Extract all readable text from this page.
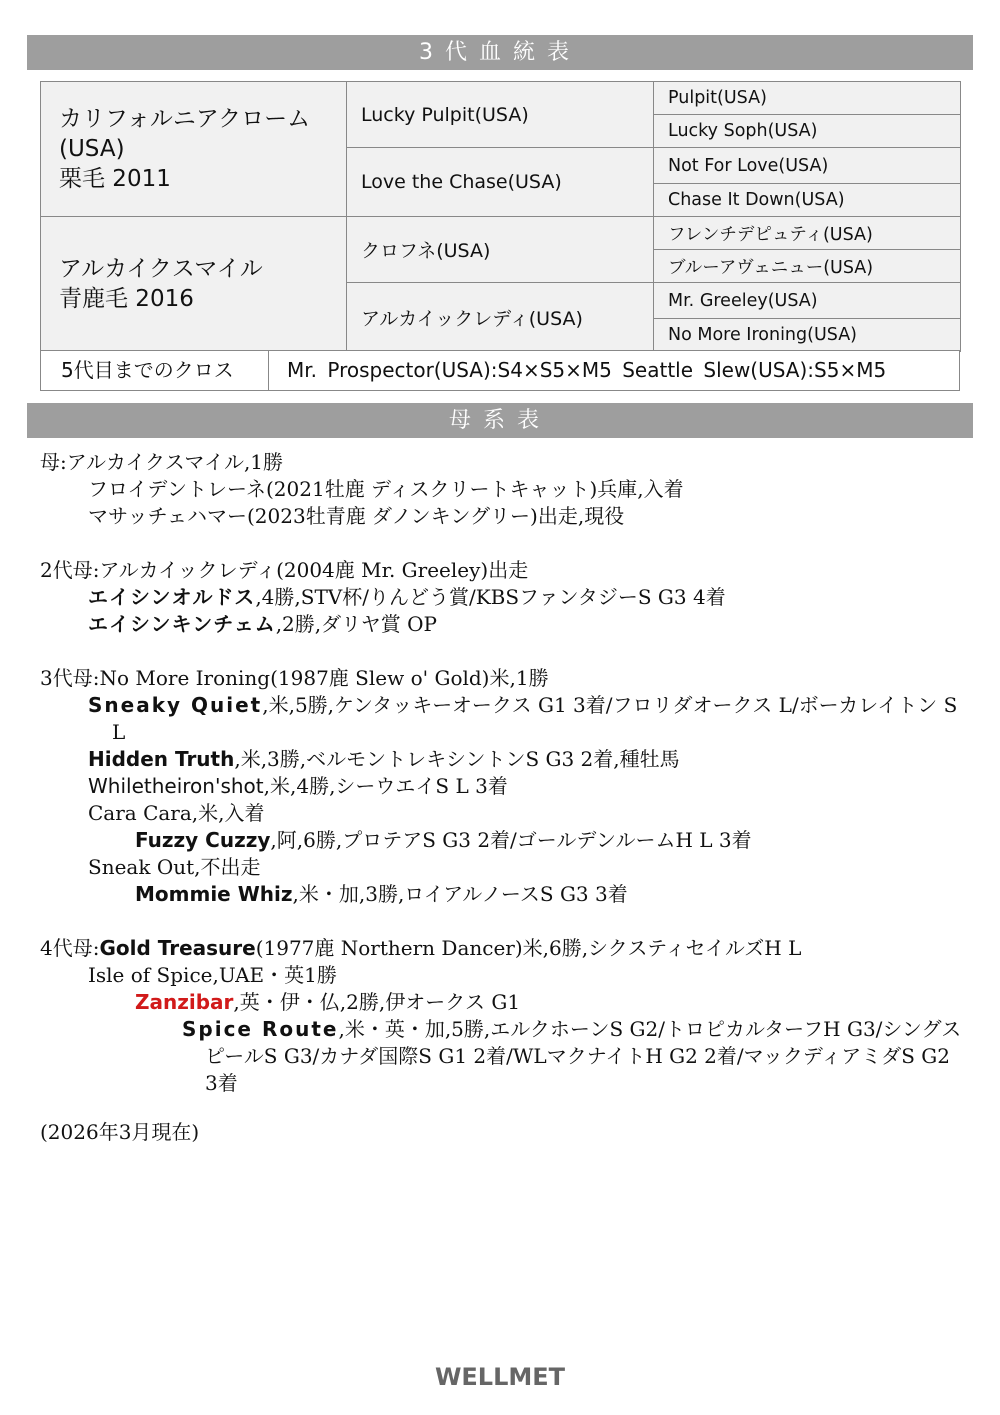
3代血統表
カリフォルニアクローム
(USA)
栗毛 2011	Lucky Pulpit(USA)	Pulpit(USA)
		Lucky Soph(USA)
	Love the Chase(USA)	Not For Love(USA)
		Chase It Down(USA)

アルカイクスマイル
青鹿毛 2016	クロフネ(USA)	フレンチデピュティ(USA)
		ブルーアヴェニュー(USA)
	アルカイックレディ(USA)	Mr. Greeley(USA)
		No More Ironing(USA)
5代目までのクロス	Mr. Prospector(USA):S4×S5×M5 Seattle Slew(USA):S5×M5
母系表
母:アルカイクスマイル,1勝
フロイデントレーネ(2021牡鹿 ディスクリートキャット)兵庫,入着
マサッチェハマー(2023牡青鹿 ダノンキングリー)出走,現役
2代母:アルカイックレディ(2004鹿 Mr. Greeley)出走
エイシンオルドス,4勝,STV杯/りんどう賞/KBSファンタジーS G3 4着
エイシンキンチェム,2勝,ダリヤ賞 OP
3代母:No More Ironing(1987鹿 Slew o' Gold)米,1勝
Sneaky Quiet,米,5勝,ケンタッキーオークス G1 3着/フロリダオークス L/ボーカレイトン S L
Hidden Truth,米,3勝,ベルモントレキシントンS G3 2着,種牡馬
Whiletheiron'shot,米,4勝,シーウエイS L 3着
Cara Cara,米,入着
Fuzzy Cuzzy,阿,6勝,プロテアS G3 2着/ゴールデンルームH L 3着
Sneak Out,不出走
Mommie Whiz,米・加,3勝,ロイアルノースS G3 3着
4代母:Gold Treasure(1977鹿 Northern Dancer)米,6勝,シクスティセイルズH L
Isle of Spice,UAE・英1勝
Zanzibar,英・伊・仏,2勝,伊オークス G1
Spice Route,米・英・加,5勝,エルクホーンS G2/トロピカルターフH G3/シングスピールS G3/カナダ国際S G1 2着/WLマクナイトH G2 2着/マックディアミダS G2 3着
(2026年3月現在)
WELLMET
